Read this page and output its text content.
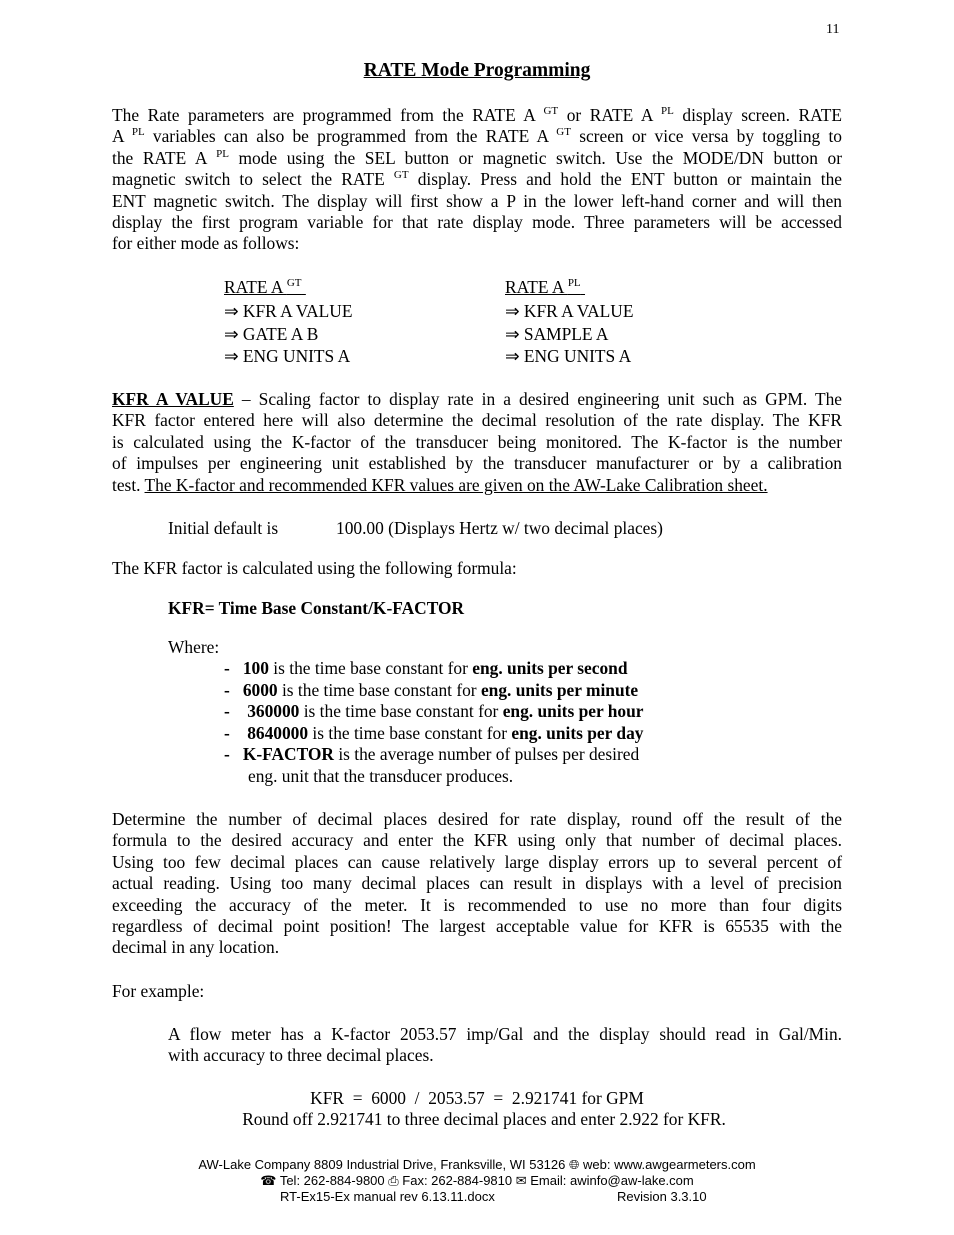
11
RATE Mode Programming
The Rate parameters are programmed from the RATE A $^{GT}$ or RATE A $^{PL}$ display screen. RATE
A $^{PL}$ variables can also be programmed from the RATE A $^{GT}$ screen or vice versa by toggling to
the RATE A $^{PL}$ mode using the SEL button or magnetic switch. Use the MODE/DN button or
magnetic switch to select the RATE $^{GT}$ display. Press and hold the ENT button or maintain the
ENT magnetic switch. The display will first show a P in the lower left-hand corner and will then
display the first program variable for that rate display mode. Three parameters will be accessed
for either mode as follows:
RATE A $^{GT}$
⇒ KFR A VALUE
⇒ GATE A B
⇒ ENG UNITS A
RATE A $^{PL}$
⇒ KFR A VALUE
⇒ SAMPLE A
⇒ ENG UNITS A
KFR A VALUE – Scaling factor to display rate in a desired engineering unit such as GPM. The
KFR factor entered here will also determine the decimal resolution of the rate display. The KFR
is calculated using the K-factor of the transducer being monitored. The K-factor is the number
of impulses per engineering unit established by the transducer manufacturer or by a calibration
test. The K-factor and recommended KFR values are given on the AW-Lake Calibration sheet.
Initial default is	100.00 (Displays Hertz w/ two decimal places)
The KFR factor is calculated using the following formula:
KFR= Time Base Constant/K-FACTOR
Where:
- 100 is the time base constant for eng. units per second
- 6000 is the time base constant for eng. units per minute
-    360000 is the time base constant for eng. units per hour
-    8640000 is the time base constant for eng. units per day
- K-FACTOR is the average number of pulses per desired
eng. unit that the transducer produces.
Determine the number of decimal places desired for rate display, round off the result of the
formula to the desired accuracy and enter the KFR using only that number of decimal places.
Using too few decimal places can cause relatively large display errors up to several percent of
actual reading. Using too many decimal places can result in displays with a level of precision
exceeding the accuracy of the meter. It is recommended to use no more than four digits
regardless of decimal point position! The largest acceptable value for KFR is 65535 with the
decimal in any location.
For example:
A flow meter has a K-factor 2053.57 imp/Gal and the display should read in Gal/Min.
with accuracy to three decimal places.
KFR  =  6000  /  2053.57  =  2.921741 for GPM
Round off 2.921741 to three decimal places and enter 2.922 for KFR.
AW-Lake Company 8809 Industrial Drive, Franksville, WI 53126 🌐︎ web: www.awgearmeters.com
☎ Tel: 262-884-9800 ⎙ Fax: 262-884-9810 ✉ Email: awinfo@aw-lake.com
RT-Ex15-Ex manual rev 6.13.11.docx	Revision 3.3.10
